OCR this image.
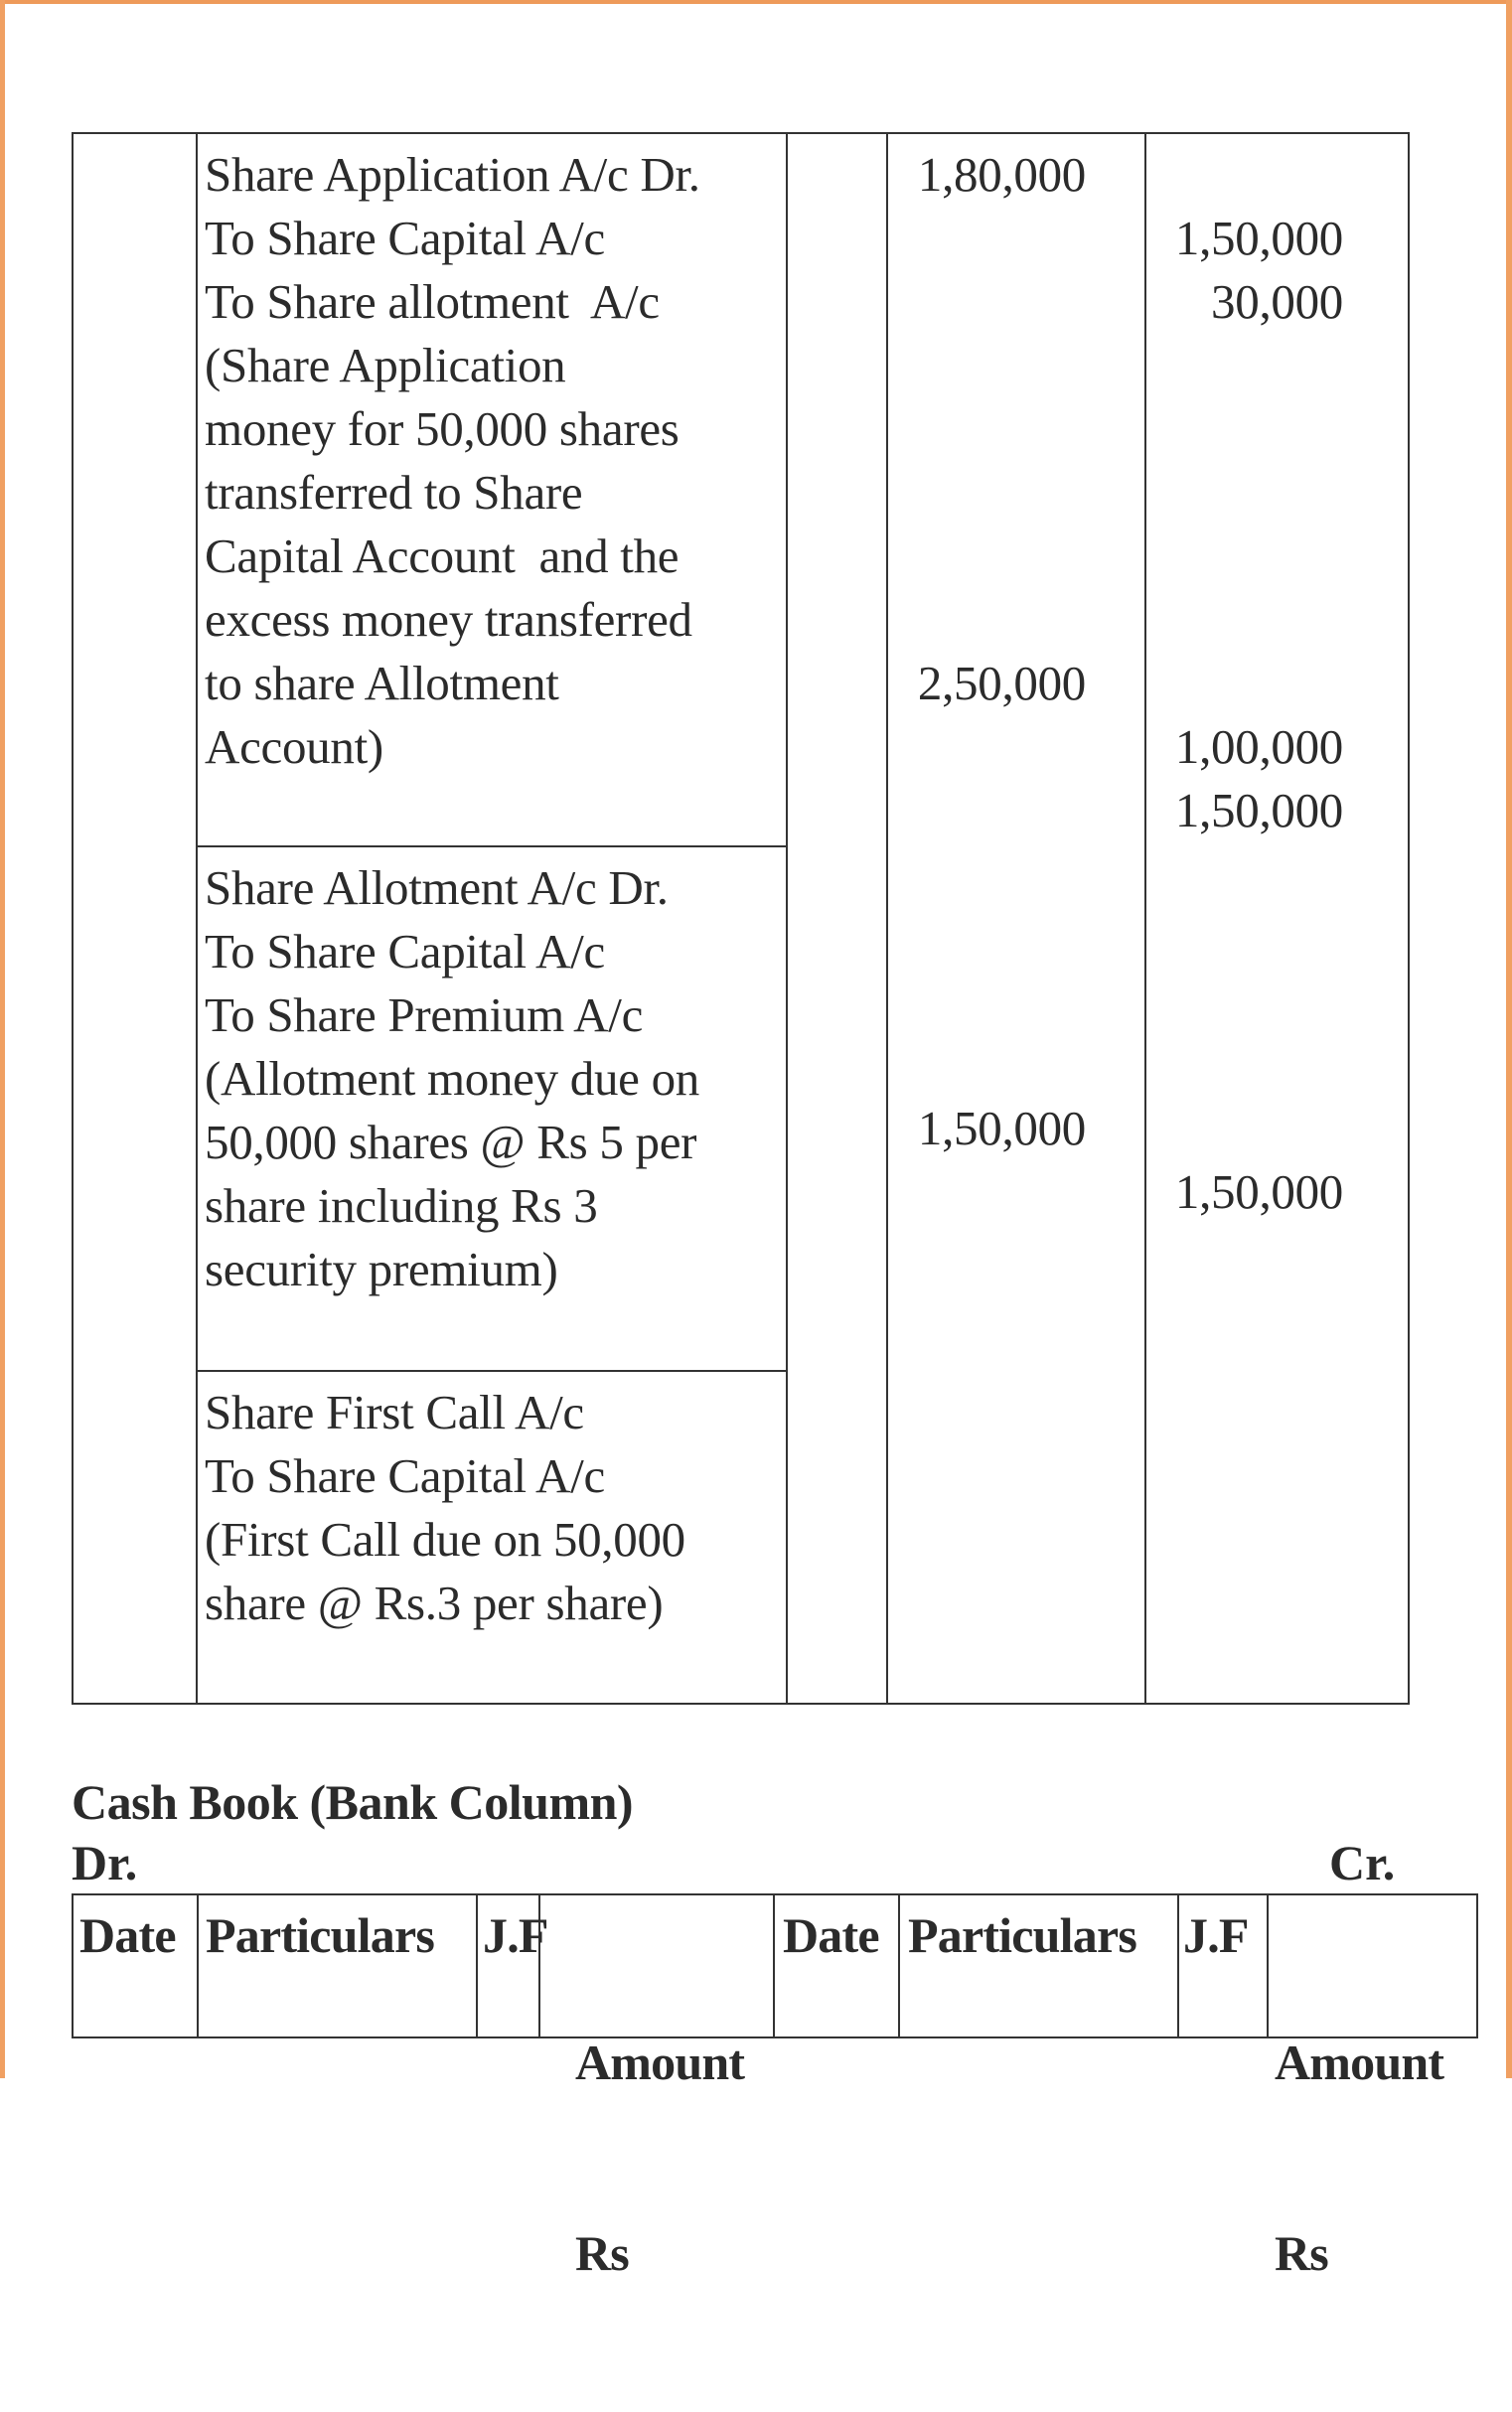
Share Application A/c Dr.
To Share Capital A/c
To Share allotment  A/c
(Share Application
money for 50,000 shares
transferred to Share
Capital Account  and the
excess money transferred
to share Allotment
Account)
Share Allotment A/c Dr.
To Share Capital A/c
To Share Premium A/c
(Allotment money due on
50,000 shares @ Rs 5 per
share including Rs 3
security premium)
Share First Call A/c
To Share Capital A/c
(First Call due on 50,000
share @ Rs.3 per share)
1,80,000
2,50,000
1,50,000
1,50,000
30,000
1,00,000
1,50,000
1,50,000
Cash Book (Bank Column)
Dr.	Cr.
Date Particulars J.F

Amount

Rs

Date Particulars J.F

Amount

Rs
